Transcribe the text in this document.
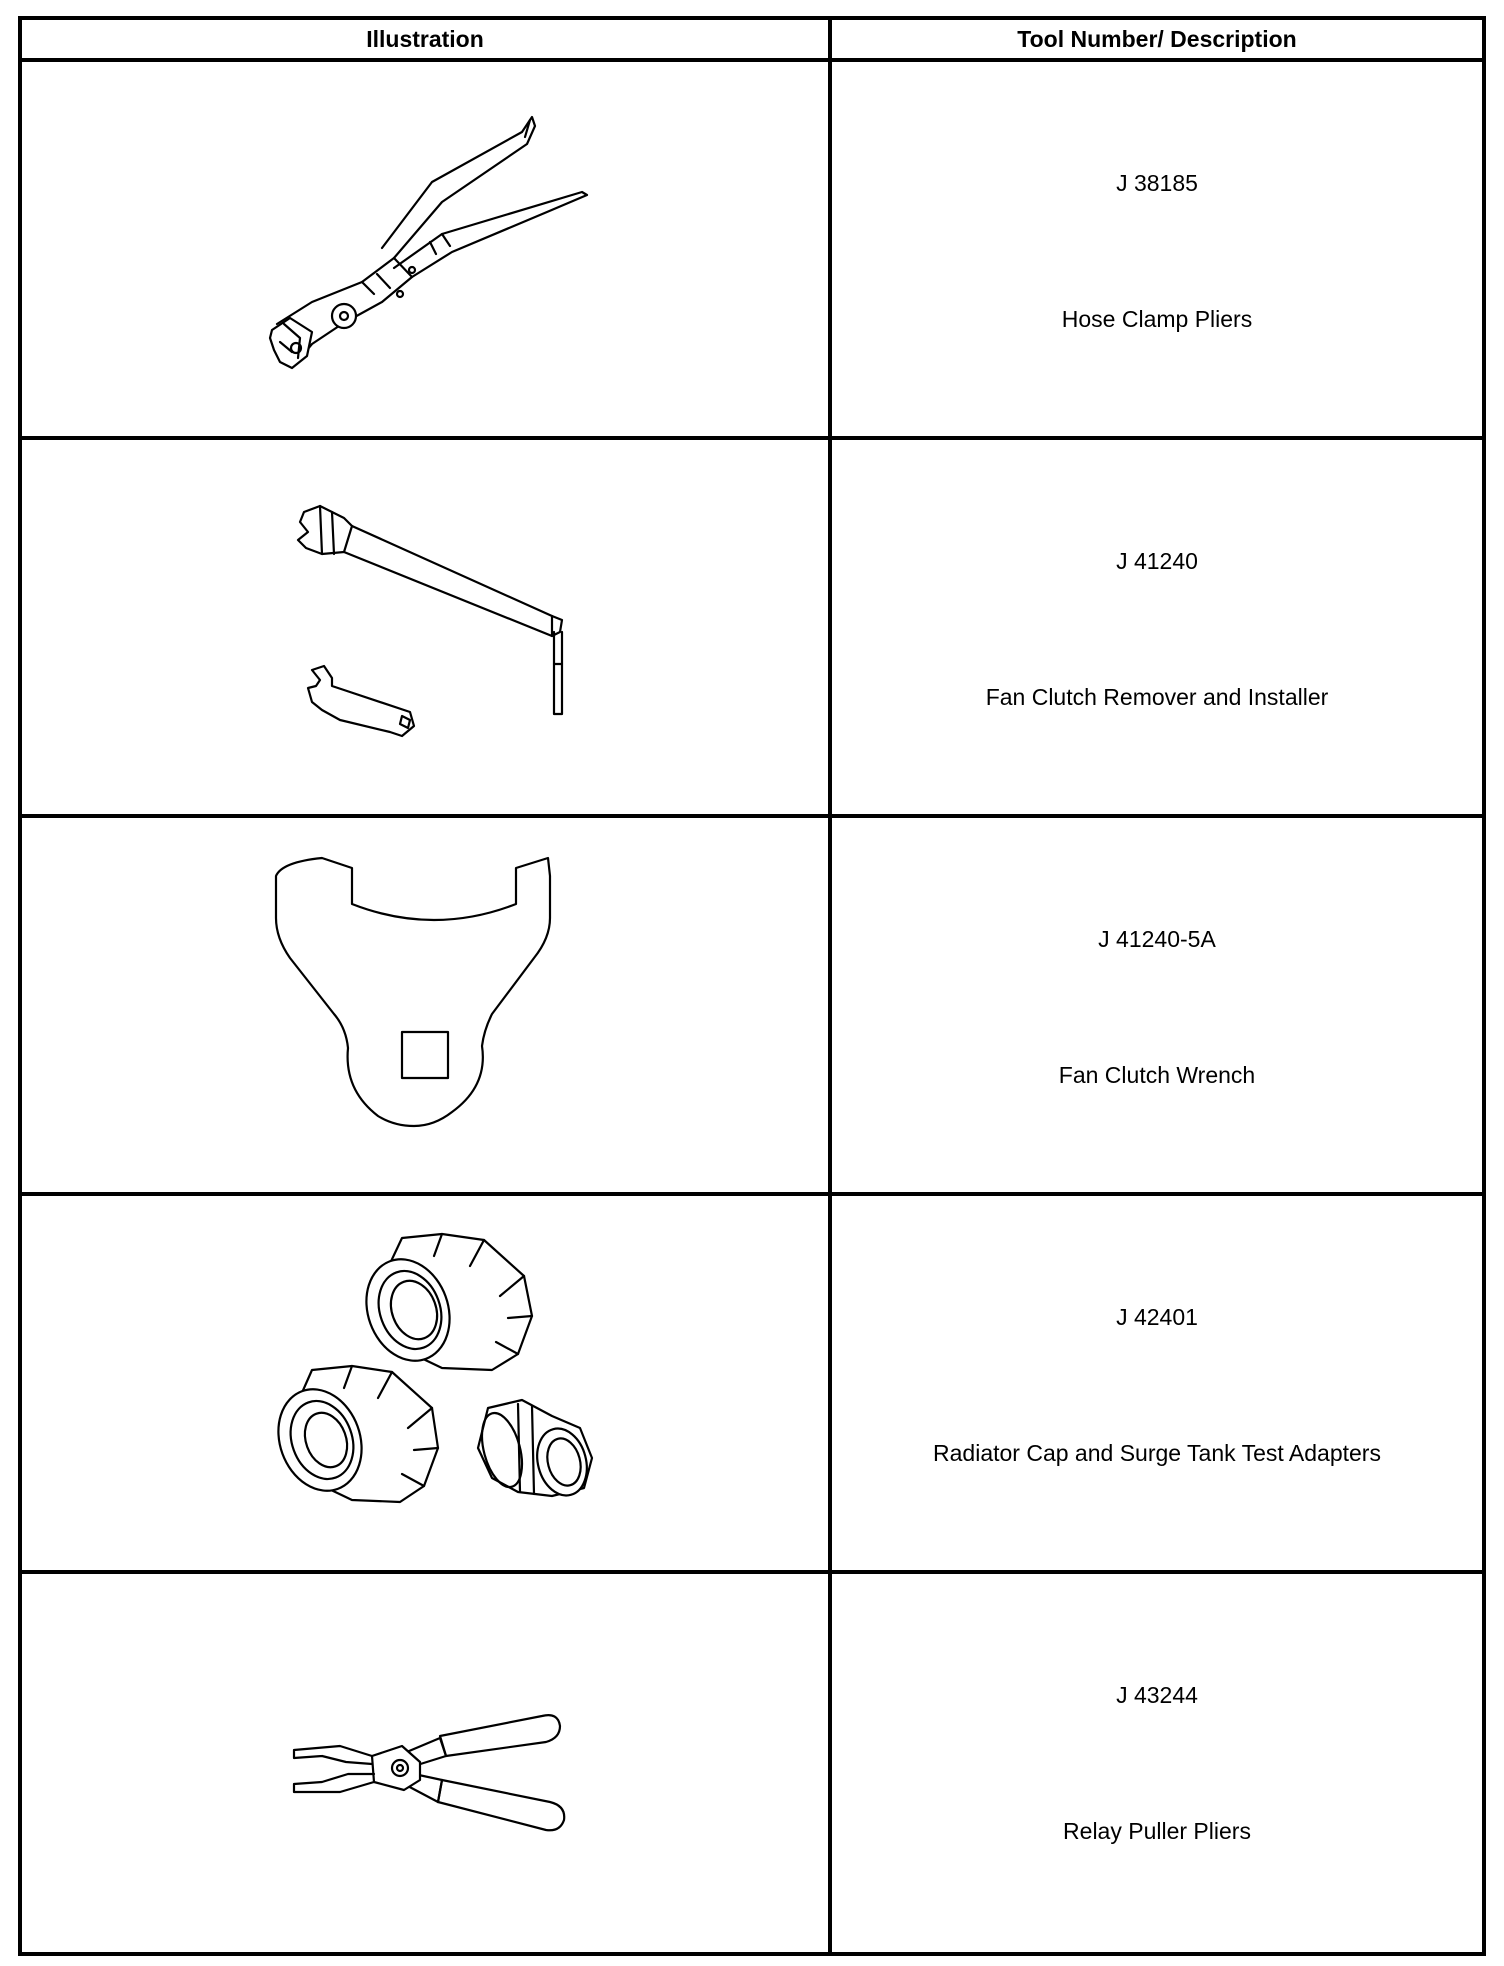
Illustration	Tool Number/ Description
J 38185
Hose Clamp Pliers
J 41240
Fan Clutch Remover and Installer
J 41240-5A
Fan Clutch Wrench
J 42401
Radiator Cap and Surge Tank Test Adapters
J 43244
Relay Puller Pliers
